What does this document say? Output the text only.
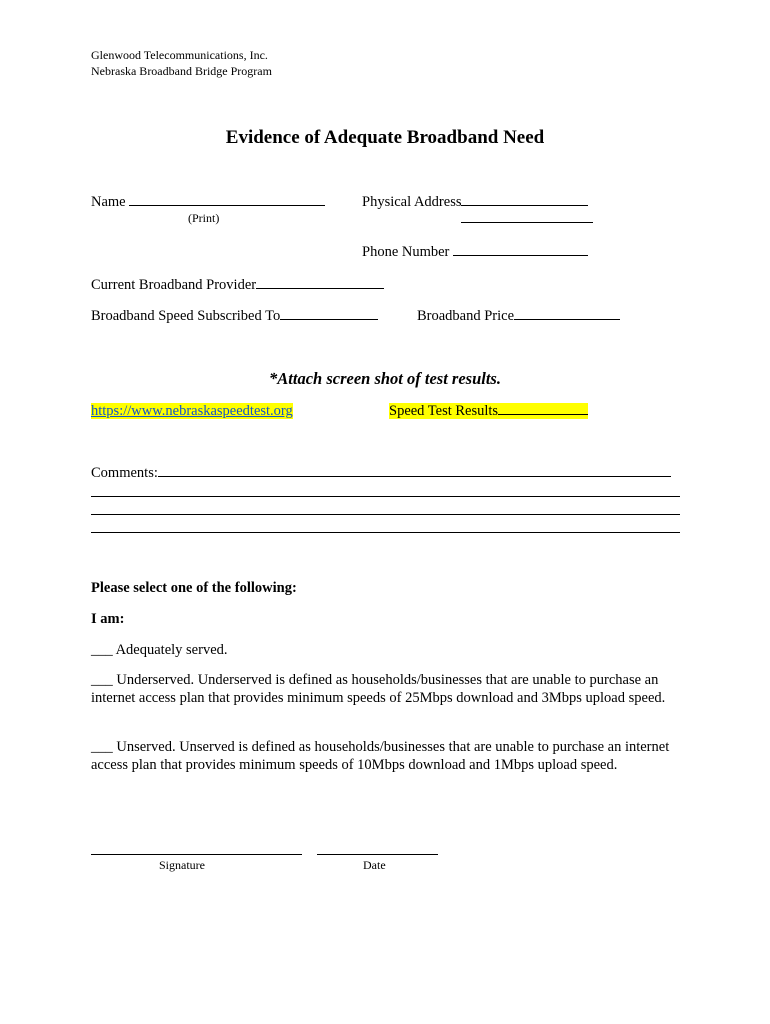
Glenwood Telecommunications, Inc.
Nebraska Broadband Bridge Program
Evidence of Adequate Broadband Need
Name
(Print)
Physical Address
Phone Number
Current Broadband Provider
Broadband Speed Subscribed To	Broadband Price
*Attach screen shot of test results.
https://www.nebraskaspeedtest.org	Speed Test Results
Comments:
Please select one of the following:
I am:
___ Adequately served.
___ Underserved. Underserved is defined as households/businesses that are unable to purchase an internet access plan that provides minimum speeds of 25Mbps download and 3Mbps upload speed.
___ Unserved. Unserved is defined as households/businesses that are unable to purchase an internet access plan that provides minimum speeds of 10Mbps download and 1Mbps upload speed.
Signature	Date
